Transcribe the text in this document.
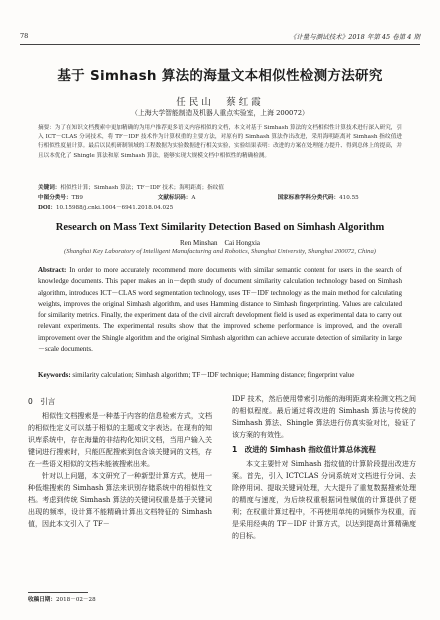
78	《计量与测试技术》2018 年第 45 卷第 4 期
基于 Simhash 算法的海量文本相似性检测方法研究
任民山　蔡红霞
（上海大学智能制造及机器人重点实验室，上海 200072）
摘要：为了在知识文档搜索中更加精确的为用户推荐更多语义内容相似的文档，本文对基于 Simhash 算法的文档相似性计算技术进行深入研究，引入 ICT－CLAS 分词技术，将 TF－IDF 技术作为计算权重的主要方法，对原有的 Simhash 算法作出改进，采用海明距离对 Simhash 指纹值进行相似性度量计算。最后以民机研制领域的工程数据为实验数据进行相关实验，实验结果表明：改进的方案在处理能力提升、得到总体上的提高，并且以本优化了 Shingle 算法和原 Simhash 算法，能够实现大规模文档中相似性的精确检测。
关键词：相似性计算；Simhash 算法；TF－IDF 技术；海明距离；指纹值
中图分类号：TB9	文献标识码：A	国家标准学科分类代码：410.55
DOI：10.15988/j.cnki.1004－6941.2018.04.025
Research on Mass Text Similarity Detection Based on Simhash Algorithm
Ren Minshan　Cai Hongxia
(Shanghai Key Laboratory of Intelligent Manufacturing and Robotics, Shanghai University, Shanghai 200072, China)
Abstract: In order to more accurately recommend more documents with similar semantic content for users in the search of knowledge documents. This paper makes an in－depth study of document similarity calculation technology based on Simhash algorithm, introduces ICT－CLAS word segmentation technology, uses TF－IDF technology as the main method for calculating weights, improves the original Simhash algorithm, and uses Hamming distance to Simhash fingerprinting. Values are calculated for similarity metrics. Finally, the experiment data of the civil aircraft development field is used as experimental data to carry out relevant experiments. The experimental results show that the improved scheme performance is improved, and the overall improvement over the Shingle algorithm and the original Simhash algorithm can achieve accurate detection of similarity in large－scale documents.
Keywords: similarity calculation; Simhash algorithm; TF－IDF technique; Hamming distance; fingerprint value

0　引言

相似性文档搜索是一种基于内容的信息检索方式，文档的相似性定义可以基于相似的主题或文字表达。在现有的知识库系统中，存在海量的非结构化知识文档，当用户输入关键词进行搜索时，只能匹配搜索到包含该关键词的文档，存在一些语义相似的文档未能被搜索出来。

针对以上问题，本文研究了一种新型计算方式，使用一种低维搜索的 Simhash 算法来识别存储系统中的相似性文档。考虑到传统 Simhash 算法的关键词权重是基于关键词出现的频率，设计算不能精确计算出文档特征的 Simhash 值，因此本文引入了 TF－

IDF 技术，然后使用带索引功能的海明距离来检测文档之间的相似程度。最后通过将改进的 Simhash 算法与传统的 Simhash 算法、Shingle 算法进行仿真实验对比，验证了该方案的有效性。

1　改进的 Simhash 指纹值计算总体流程

本文主要针对 Simhash 指纹值的计算阶段提出改进方案。首先，引入 ICTCLAS 分词系统对文档进行分词、去除停用词、提取关键词处理，大大提升了重复数据搜索处理的精度与速度，为后续权重根据词性赋值的计算提供了便利；在权重计算过程中，不再使用单纯的词频作为权重，而是采用经典的 TF－IDF 计算方式，以达到提高计算精确度的目标。

收稿日期：2018－02－28
